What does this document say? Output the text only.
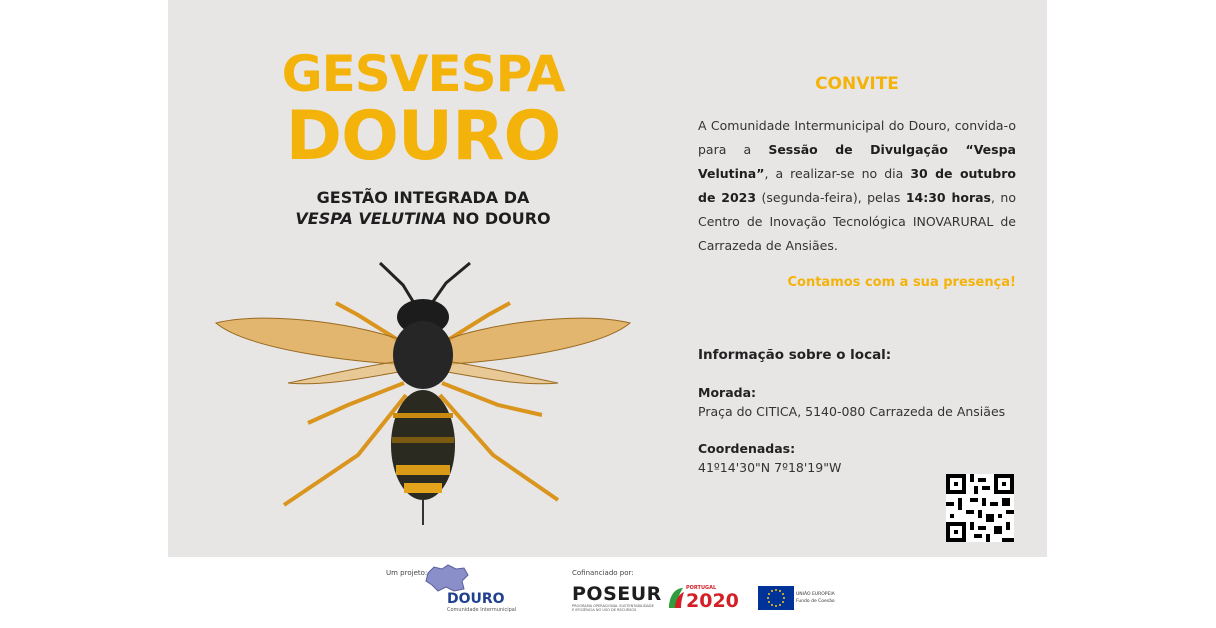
GESVESPA
DOURO
GESTÃO INTEGRADA DA
VESPA VELUTINA NO DOURO
CONVITE
A Comunidade Intermunicipal do Douro, convida-o para a Sessão de Divulgação “Vespa Velutina”, a realizar-se no dia 30 de outubro de 2023 (segunda-feira), pelas 14:30 horas, no Centro de Inovação Tecnológica INOVARURAL de Carrazeda de Ansiães.
Contamos com a sua presença!
Informação sobre o local:
Morada:
Praça do CITICA, 5140-080 Carrazeda de Ansiães
Coordenadas:
41º14'30"N 7º18'19"W
Um projeto:
DOURO
Comunidade Intermunicipal
Cofinanciado por:
POSEUR
PROGRAMA OPERACIONAL SUSTENTABILIDADE E EFICIÊNCIA NO USO DE RECURSOS
PORTUGAL
2020	UNIÃO EUROPEIA
Fundo de Coesão
